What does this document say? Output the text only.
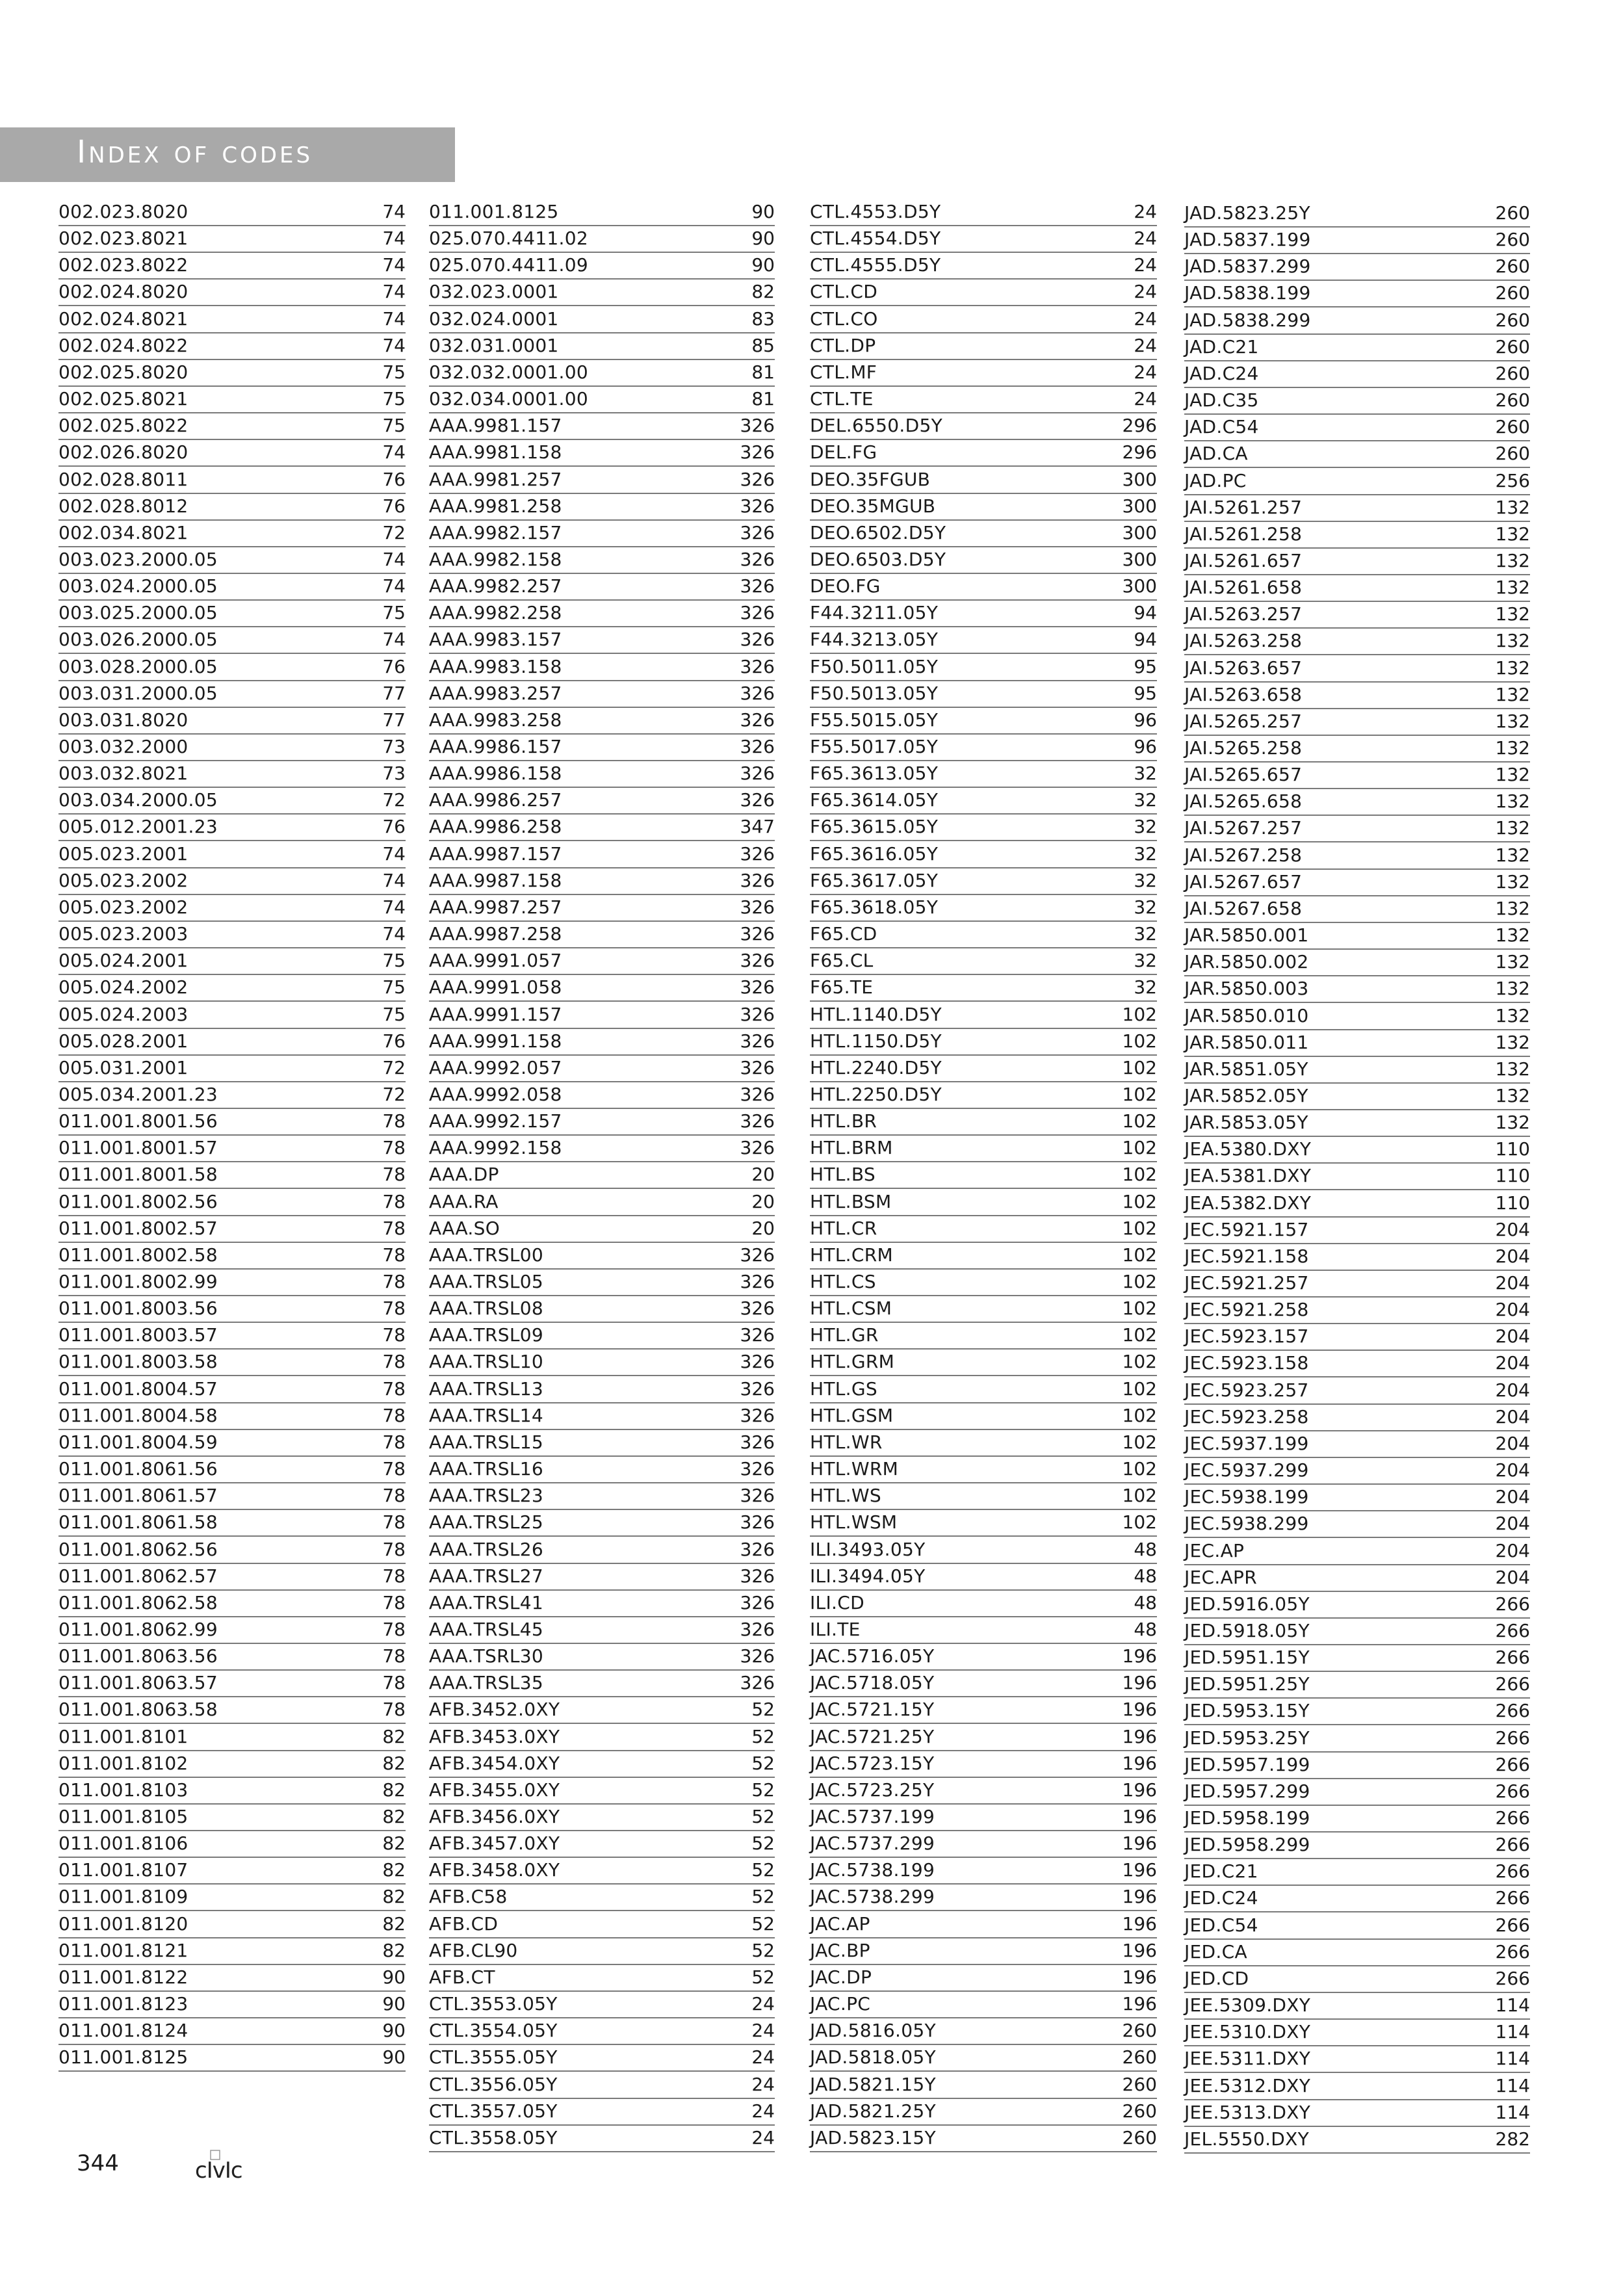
Index of codes
002.023.8020	74
002.023.8021	74
002.023.8022	74
002.024.8020	74
002.024.8021	74
002.024.8022	74
002.025.8020	75
002.025.8021	75
002.025.8022	75
002.026.8020	74
002.028.8011	76
002.028.8012	76
002.034.8021	72
003.023.2000.05	74
003.024.2000.05	74
003.025.2000.05	75
003.026.2000.05	74
003.028.2000.05	76
003.031.2000.05	77
003.031.8020	77
003.032.2000	73
003.032.8021	73
003.034.2000.05	72
005.012.2001.23	76
005.023.2001	74
005.023.2002	74
005.023.2002	74
005.023.2003	74
005.024.2001	75
005.024.2002	75
005.024.2003	75
005.028.2001	76
005.031.2001	72
005.034.2001.23	72
011.001.8001.56	78
011.001.8001.57	78
011.001.8001.58	78
011.001.8002.56	78
011.001.8002.57	78
011.001.8002.58	78
011.001.8002.99	78
011.001.8003.56	78
011.001.8003.57	78
011.001.8003.58	78
011.001.8004.57	78
011.001.8004.58	78
011.001.8004.59	78
011.001.8061.56	78
011.001.8061.57	78
011.001.8061.58	78
011.001.8062.56	78
011.001.8062.57	78
011.001.8062.58	78
011.001.8062.99	78
011.001.8063.56	78
011.001.8063.57	78
011.001.8063.58	78
011.001.8101	82
011.001.8102	82
011.001.8103	82
011.001.8105	82
011.001.8106	82
011.001.8107	82
011.001.8109	82
011.001.8120	82
011.001.8121	82
011.001.8122	90
011.001.8123	90
011.001.8124	90
011.001.8125	90
011.001.8125	90
025.070.4411.02	90
025.070.4411.09	90
032.023.0001	82
032.024.0001	83
032.031.0001	85
032.032.0001.00	81
032.034.0001.00	81
AAA.9981.157	326
AAA.9981.158	326
AAA.9981.257	326
AAA.9981.258	326
AAA.9982.157	326
AAA.9982.158	326
AAA.9982.257	326
AAA.9982.258	326
AAA.9983.157	326
AAA.9983.158	326
AAA.9983.257	326
AAA.9983.258	326
AAA.9986.157	326
AAA.9986.158	326
AAA.9986.257	326
AAA.9986.258	347
AAA.9987.157	326
AAA.9987.158	326
AAA.9987.257	326
AAA.9987.258	326
AAA.9991.057	326
AAA.9991.058	326
AAA.9991.157	326
AAA.9991.158	326
AAA.9992.057	326
AAA.9992.058	326
AAA.9992.157	326
AAA.9992.158	326
AAA.DP	20
AAA.RA	20
AAA.SO	20
AAA.TRSL00	326
AAA.TRSL05	326
AAA.TRSL08	326
AAA.TRSL09	326
AAA.TRSL10	326
AAA.TRSL13	326
AAA.TRSL14	326
AAA.TRSL15	326
AAA.TRSL16	326
AAA.TRSL23	326
AAA.TRSL25	326
AAA.TRSL26	326
AAA.TRSL27	326
AAA.TRSL41	326
AAA.TRSL45	326
AAA.TSRL30	326
AAA.TRSL35	326
AFB.3452.0XY	52
AFB.3453.0XY	52
AFB.3454.0XY	52
AFB.3455.0XY	52
AFB.3456.0XY	52
AFB.3457.0XY	52
AFB.3458.0XY	52
AFB.C58	52
AFB.CD	52
AFB.CL90	52
AFB.CT	52
CTL.3553.05Y	24
CTL.3554.05Y	24
CTL.3555.05Y	24
CTL.3556.05Y	24
CTL.3557.05Y	24
CTL.3558.05Y	24
CTL.4553.D5Y	24
CTL.4554.D5Y	24
CTL.4555.D5Y	24
CTL.CD	24
CTL.CO	24
CTL.DP	24
CTL.MF	24
CTL.TE	24
DEL.6550.D5Y	296
DEL.FG	296
DEO.35FGUB	300
DEO.35MGUB	300
DEO.6502.D5Y	300
DEO.6503.D5Y	300
DEO.FG	300
F44.3211.05Y	94
F44.3213.05Y	94
F50.5011.05Y	95
F50.5013.05Y	95
F55.5015.05Y	96
F55.5017.05Y	96
F65.3613.05Y	32
F65.3614.05Y	32
F65.3615.05Y	32
F65.3616.05Y	32
F65.3617.05Y	32
F65.3618.05Y	32
F65.CD	32
F65.CL	32
F65.TE	32
HTL.1140.D5Y	102
HTL.1150.D5Y	102
HTL.2240.D5Y	102
HTL.2250.D5Y	102
HTL.BR	102
HTL.BRM	102
HTL.BS	102
HTL.BSM	102
HTL.CR	102
HTL.CRM	102
HTL.CS	102
HTL.CSM	102
HTL.GR	102
HTL.GRM	102
HTL.GS	102
HTL.GSM	102
HTL.WR	102
HTL.WRM	102
HTL.WS	102
HTL.WSM	102
ILI.3493.05Y	48
ILI.3494.05Y	48
ILI.CD	48
ILI.TE	48
JAC.5716.05Y	196
JAC.5718.05Y	196
JAC.5721.15Y	196
JAC.5721.25Y	196
JAC.5723.15Y	196
JAC.5723.25Y	196
JAC.5737.199	196
JAC.5737.299	196
JAC.5738.199	196
JAC.5738.299	196
JAC.AP	196
JAC.BP	196
JAC.DP	196
JAC.PC	196
JAD.5816.05Y	260
JAD.5818.05Y	260
JAD.5821.15Y	260
JAD.5821.25Y	260
JAD.5823.15Y	260
JAD.5823.25Y	260
JAD.5837.199	260
JAD.5837.299	260
JAD.5838.199	260
JAD.5838.299	260
JAD.C21	260
JAD.C24	260
JAD.C35	260
JAD.C54	260
JAD.CA	260
JAD.PC	256
JAI.5261.257	132
JAI.5261.258	132
JAI.5261.657	132
JAI.5261.658	132
JAI.5263.257	132
JAI.5263.258	132
JAI.5263.657	132
JAI.5263.658	132
JAI.5265.257	132
JAI.5265.258	132
JAI.5265.657	132
JAI.5265.658	132
JAI.5267.257	132
JAI.5267.258	132
JAI.5267.657	132
JAI.5267.658	132
JAR.5850.001	132
JAR.5850.002	132
JAR.5850.003	132
JAR.5850.010	132
JAR.5850.011	132
JAR.5851.05Y	132
JAR.5852.05Y	132
JAR.5853.05Y	132
JEA.5380.DXY	110
JEA.5381.DXY	110
JEA.5382.DXY	110
JEC.5921.157	204
JEC.5921.158	204
JEC.5921.257	204
JEC.5921.258	204
JEC.5923.157	204
JEC.5923.158	204
JEC.5923.257	204
JEC.5923.258	204
JEC.5937.199	204
JEC.5937.299	204
JEC.5938.199	204
JEC.5938.299	204
JEC.AP	204
JEC.APR	204
JED.5916.05Y	266
JED.5918.05Y	266
JED.5951.15Y	266
JED.5951.25Y	266
JED.5953.15Y	266
JED.5953.25Y	266
JED.5957.199	266
JED.5957.299	266
JED.5958.199	266
JED.5958.299	266
JED.C21	266
JED.C24	266
JED.C54	266
JED.CA	266
JED.CD	266
JEE.5309.DXY	114
JEE.5310.DXY	114
JEE.5311.DXY	114
JEE.5312.DXY	114
JEE.5313.DXY	114
JEL.5550.DXY	282
344	cIvIc
